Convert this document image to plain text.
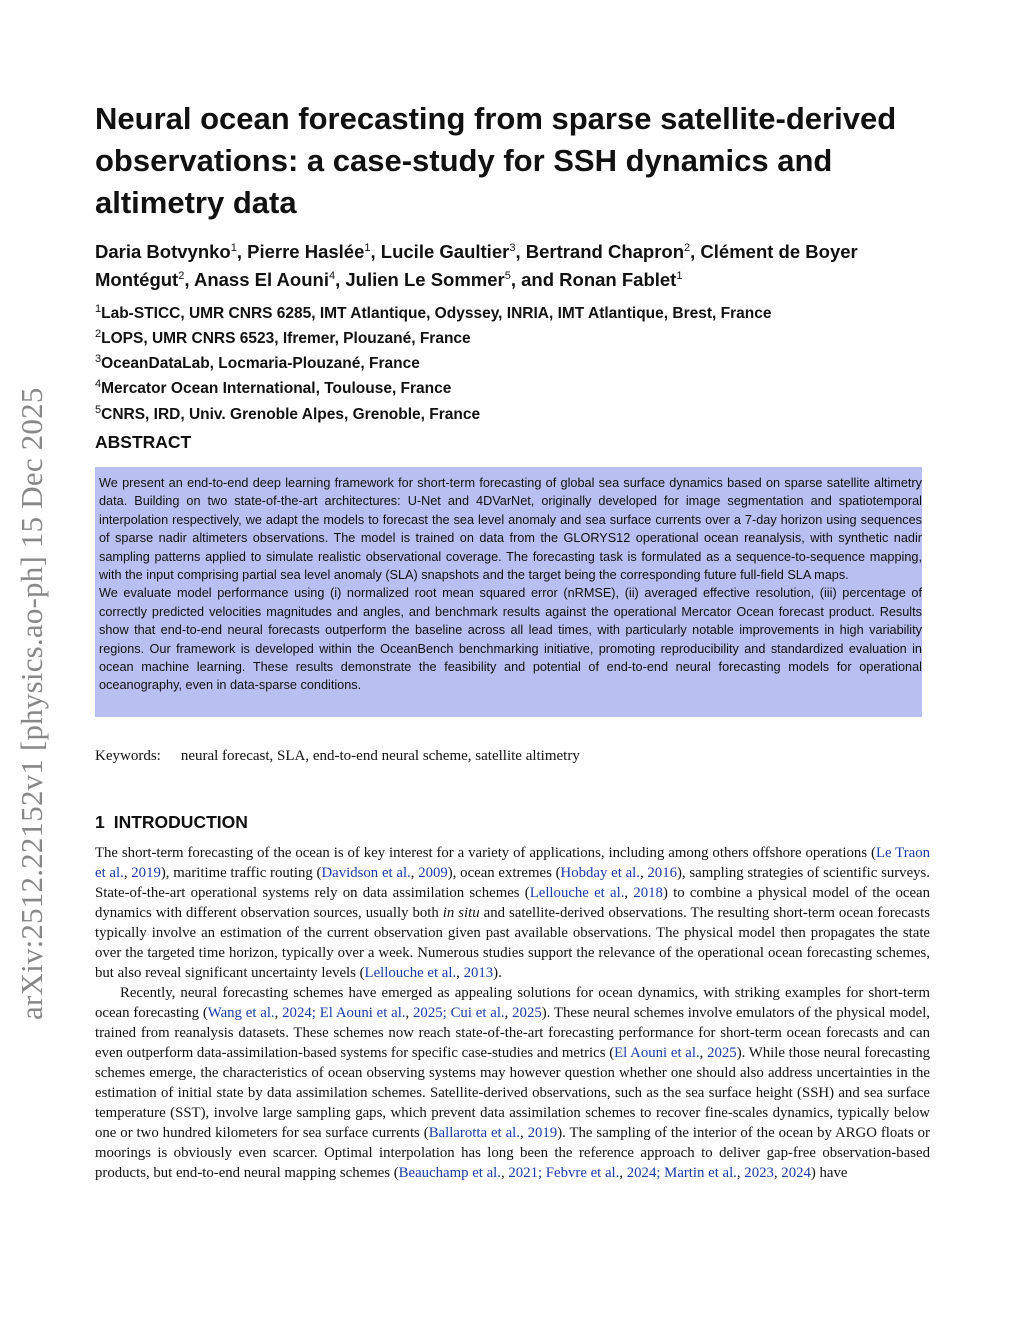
arXiv:2512.22152v1 [physics.ao-ph] 15 Dec 2025
Neural ocean forecasting from sparse satellite-derived observations: a case-study for SSH dynamics and altimetry data
Daria Botvynko$^1$, Pierre Haslée$^1$, Lucile Gaultier$^3$, Bertrand Chapron$^2$, Clément de Boyer Montégut$^2$, Anass El Aouni$^4$, Julien Le Sommer$^5$, and Ronan Fablet$^1$
$^1$Lab-STICC, UMR CNRS 6285, IMT Atlantique, Odyssey, INRIA, IMT Atlantique, Brest, France
$^2$LOPS, UMR CNRS 6523, Ifremer, Plouzané, France
$^3$OceanDataLab, Locmaria-Plouzané, France
$^4$Mercator Ocean International, Toulouse, France
$^5$CNRS, IRD, Univ. Grenoble Alpes, Grenoble, France
ABSTRACT

We present an end-to-end deep learning framework for short-term forecasting of global sea surface dynamics based on sparse satellite altimetry data. Building on two state-of-the-art architectures: U-Net and 4DVarNet, originally developed for image segmentation and spatiotemporal interpolation respectively, we adapt the models to forecast the sea level anomaly and sea surface currents over a 7-day horizon using sequences of sparse nadir altimeters observations. The model is trained on data from the GLORYS12 operational ocean reanalysis, with synthetic nadir sampling patterns applied to simulate realistic observational coverage. The forecasting task is formulated as a sequence-to-sequence mapping, with the input comprising partial sea level anomaly (SLA) snapshots and the target being the corresponding future full-field SLA maps.

We evaluate model performance using (i) normalized root mean squared error (nRMSE), (ii) averaged effective resolution, (iii) percentage of correctly predicted velocities magnitudes and angles, and benchmark results against the operational Mercator Ocean forecast product. Results show that end-to-end neural forecasts outperform the baseline across all lead times, with particularly notable improvements in high variability regions. Our framework is developed within the OceanBench benchmarking initiative, promoting reproducibility and standardized evaluation in ocean machine learning. These results demonstrate the feasibility and potential of end-to-end neural forecasting models for operational oceanography, even in data-sparse conditions.

Keywords: neural forecast, SLA, end-to-end neural scheme, satellite altimetry
1 INTRODUCTION

The short-term forecasting of the ocean is of key interest for a variety of applications, including among others offshore operations (Le Traon et al., 2019), maritime traffic routing (Davidson et al., 2009), ocean extremes (Hobday et al., 2016), sampling strategies of scientific surveys. State-of-the-art operational systems rely on data assimilation schemes (Lellouche et al., 2018) to combine a physical model of the ocean dynamics with different observation sources, usually both in situ and satellite-derived observations. The resulting short-term ocean forecasts typically involve an estimation of the current observation given past available observations. The physical model then propagates the state over the targeted time horizon, typically over a week. Numerous studies support the relevance of the operational ocean forecasting schemes, but also reveal significant uncertainty levels (Lellouche et al., 2013).

Recently, neural forecasting schemes have emerged as appealing solutions for ocean dynamics, with striking examples for short-term ocean forecasting (Wang et al., 2024; El Aouni et al., 2025; Cui et al., 2025). These neural schemes involve emulators of the physical model, trained from reanalysis datasets. These schemes now reach state-of-the-art forecasting performance for short-term ocean forecasts and can even outperform data-assimilation-based systems for specific case-studies and metrics (El Aouni et al., 2025). While those neural forecasting schemes emerge, the characteristics of ocean observing systems may however question whether one should also address uncertainties in the estimation of initial state by data assimilation schemes. Satellite-derived observations, such as the sea surface height (SSH) and sea surface temperature (SST), involve large sampling gaps, which prevent data assimilation schemes to recover fine-scales dynamics, typically below one or two hundred kilometers for sea surface currents (Ballarotta et al., 2019). The sampling of the interior of the ocean by ARGO floats or moorings is obviously even scarcer. Optimal interpolation has long been the reference approach to deliver gap-free observation-based products, but end-to-end neural mapping schemes (Beauchamp et al., 2021; Febvre et al., 2024; Martin et al., 2023, 2024) have
